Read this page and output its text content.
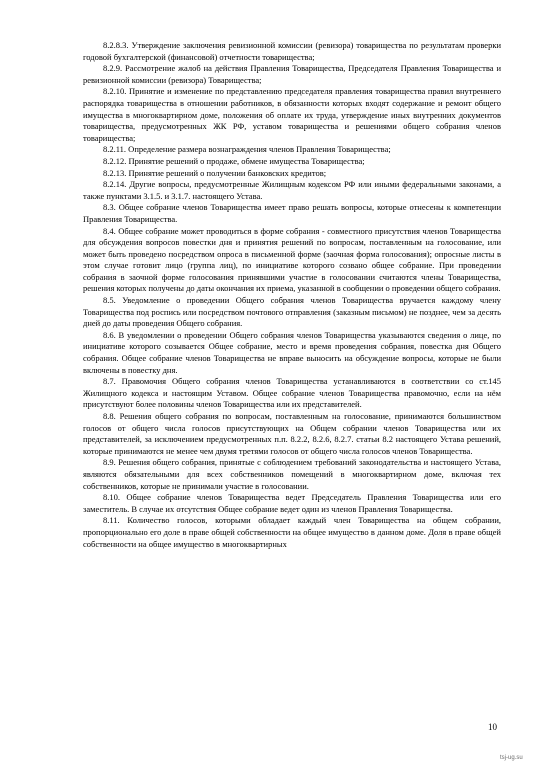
8.2.8.3. Утверждение заключения ревизионной комиссии (ревизора) товарищества по результатам проверки годовой бухгалтерской (финансовой) отчетности товарищества;

8.2.9. Рассмотрение жалоб на действия Правления Товарищества, Председателя Правления Товарищества и ревизионной комиссии (ревизора) Товарищества;

8.2.10. Принятие и изменение по представлению председателя правления товарищества правил внутреннего распорядка товарищества в отношении работников, в обязанности которых входят содержание и ремонт общего имущества в многоквартирном доме, положения об оплате их труда, утверждение иных внутренних документов товарищества, предусмотренных ЖК РФ, уставом товарищества и решениями общего собрания членов товарищества;

8.2.11. Определение размера вознаграждения членов Правления Товарищества;

8.2.12. Принятие решений о продаже, обмене имущества Товарищества;

8.2.13. Принятие решений о получении банковских кредитов;

8.2.14. Другие вопросы, предусмотренные Жилищным кодексом РФ или иными федеральными законами, а также пунктами 3.1.5. и 3.1.7. настоящего Устава.

8.3. Общее собрание членов Товарищества имеет право решать вопросы, которые отнесены к компетенции Правления Товарищества.

8.4. Общее собрание может проводиться в форме собрания - совместного присутствия членов Товарищества для обсуждения вопросов повестки дня и принятия решений по вопросам, поставленным на голосование, или может быть проведено посредством опроса в письменной форме (заочная форма голосования); опросные листы в этом случае готовит лицо (группа лиц), по инициативе которого созвано общее собрание. При проведении собрания в заочной форме голосования принявшими участие в голосовании считаются члены Товарищества, решения которых получены до даты окончания их приема, указанной в сообщении о проведении общего собрания.

8.5. Уведомление о проведении Общего собрания членов Товарищества вручается каждому члену Товарищества под роспись или посредством почтового отправления (заказным письмом) не позднее, чем за десять дней до даты проведения Общего собрания.

8.6. В уведомлении о проведении Общего собрания членов Товарищества указываются сведения о лице, по инициативе которого созывается Общее собрание, место и время проведения собрания, повестка дня Общего собрания. Общее собрание членов Товарищества не вправе выносить на обсуждение вопросы, которые не были включены в повестку дня.

8.7. Правомочия Общего собрания членов Товарищества устанавливаются в соответствии со ст.145 Жилищного кодекса и настоящим Уставом. Общее собрание членов Товарищества правомочно, если на нём присутствуют более половины членов Товарищества или их представителей.

8.8. Решения общего собрания по вопросам, поставленным на голосование, принимаются большинством голосов от общего числа голосов присутствующих на Общем собрании членов Товарищества или их представителей, за исключением предусмотренных п.п. 8.2.2, 8.2.6, 8.2.7. статьи 8.2 настоящего Устава решений, которые принимаются не менее чем двумя третями голосов от общего числа голосов членов Товарищества.

8.9. Решения общего собрания, принятые с соблюдением требований законодательства и настоящего Устава, являются обязательными для всех собственников помещений в многоквартирном доме, включая тех собственников, которые не принимали участие в голосовании.

8.10. Общее собрание членов Товарищества ведет Председатель Правления Товарищества или его заместитель. В случае их отсутствия Общее собрание ведет один из членов Правления Товарищества.

8.11. Количество голосов, которыми обладает каждый член Товарищества на общем собрании, пропорционально его доле в праве общей собственности на общее имущество в данном доме. Доля в праве общей собственности на общее имущество в многоквартирных

10
tsj-ug.su
